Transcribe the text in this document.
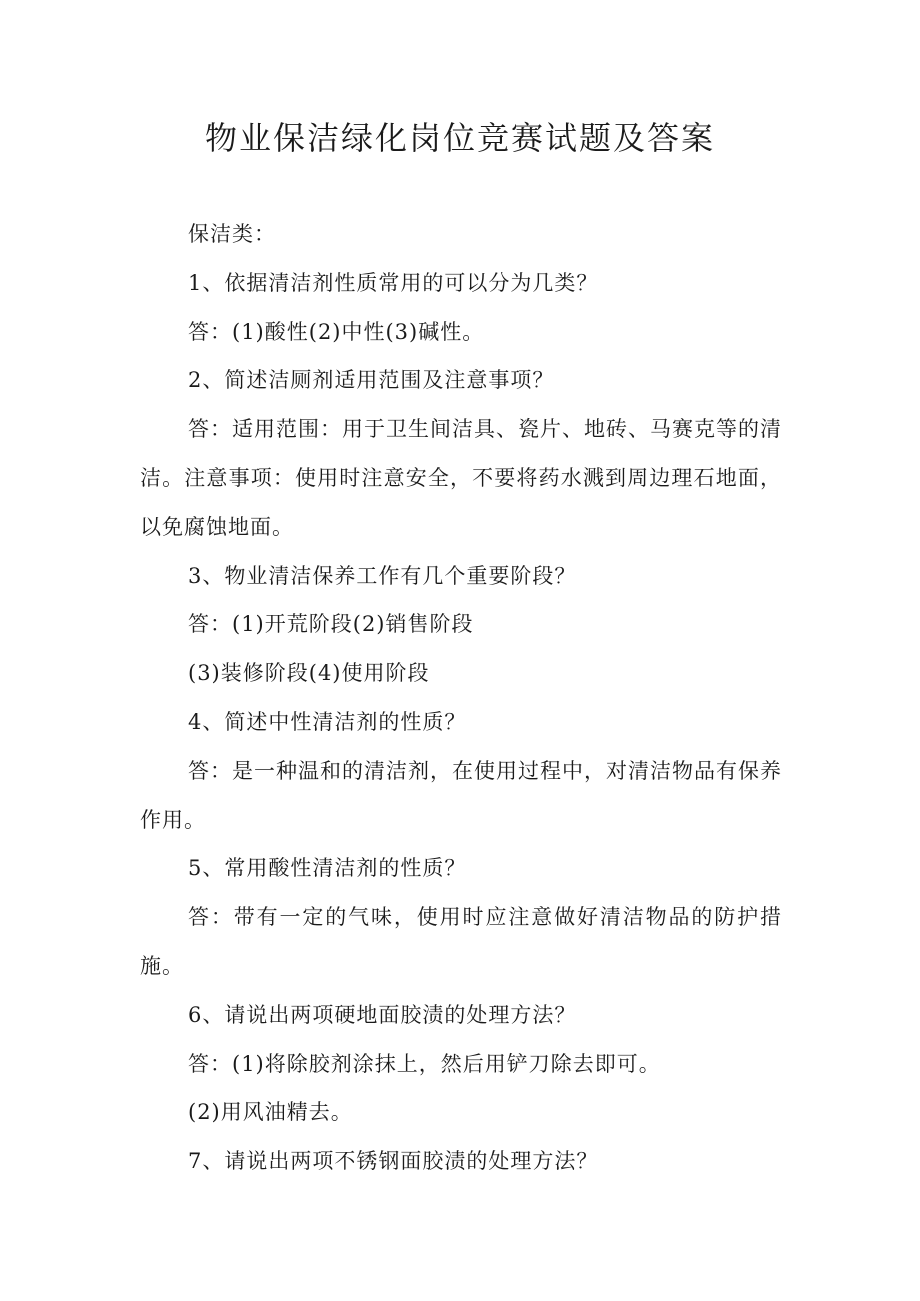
物业保洁绿化岗位竞赛试题及答案

保洁类：

1、依据清洁剂性质常用的可以分为几类？

答：(1)酸性(2)中性(3)碱性。

2、简述洁厕剂适用范围及注意事项？

答：适用范围：用于卫生间洁具、瓷片、地砖、马赛克等的清洁。注意事项：使用时注意安全，不要将药水溅到周边理石地面，以免腐蚀地面。

3、物业清洁保养工作有几个重要阶段？

答：(1)开荒阶段(2)销售阶段

(3)装修阶段(4)使用阶段

4、简述中性清洁剂的性质？

答：是一种温和的清洁剂，在使用过程中，对清洁物品有保养作用。

5、常用酸性清洁剂的性质？

答：带有一定的气味，使用时应注意做好清洁物品的防护措施。

6、请说出两项硬地面胶渍的处理方法？

答：(1)将除胶剂涂抹上，然后用铲刀除去即可。

(2)用风油精去。

7、请说出两项不锈钢面胶渍的处理方法？
